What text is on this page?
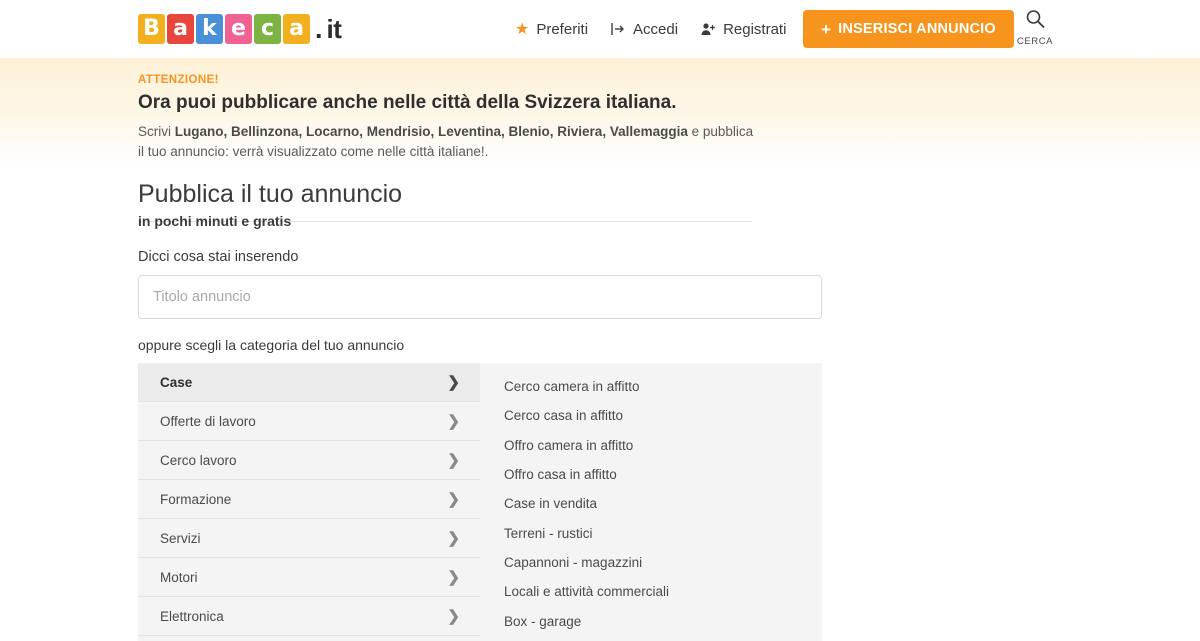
B a k e c a . it	★ Preferiti	Accedi	Registrati + INSERISCI ANNUNCIO
CERCA
ATTENZIONE!
Ora puoi pubblicare anche nelle città della Svizzera italiana.
Scrivi Lugano, Bellinzona, Locarno, Mendrisio, Leventina, Blenio, Riviera, Vallemaggia e pubblica il tuo annuncio: verrà visualizzato come nelle città italiane!.
Pubblica il tuo annuncio
in pochi minuti e gratis
Dicci cosa stai inserendo
Titolo annuncio
oppure scegli la categoria del tuo annuncio
Case	❯
Offerte di lavoro	❯
Cerco lavoro	❯
Formazione	❯
Servizi	❯
Motori	❯
Elettronica	❯
Cerco camera in affitto
Cerco casa in affitto
Offro camera in affitto
Offro casa in affitto
Case in vendita
Terreni - rustici
Capannoni - magazzini
Locali e attività commerciali
Box - garage
